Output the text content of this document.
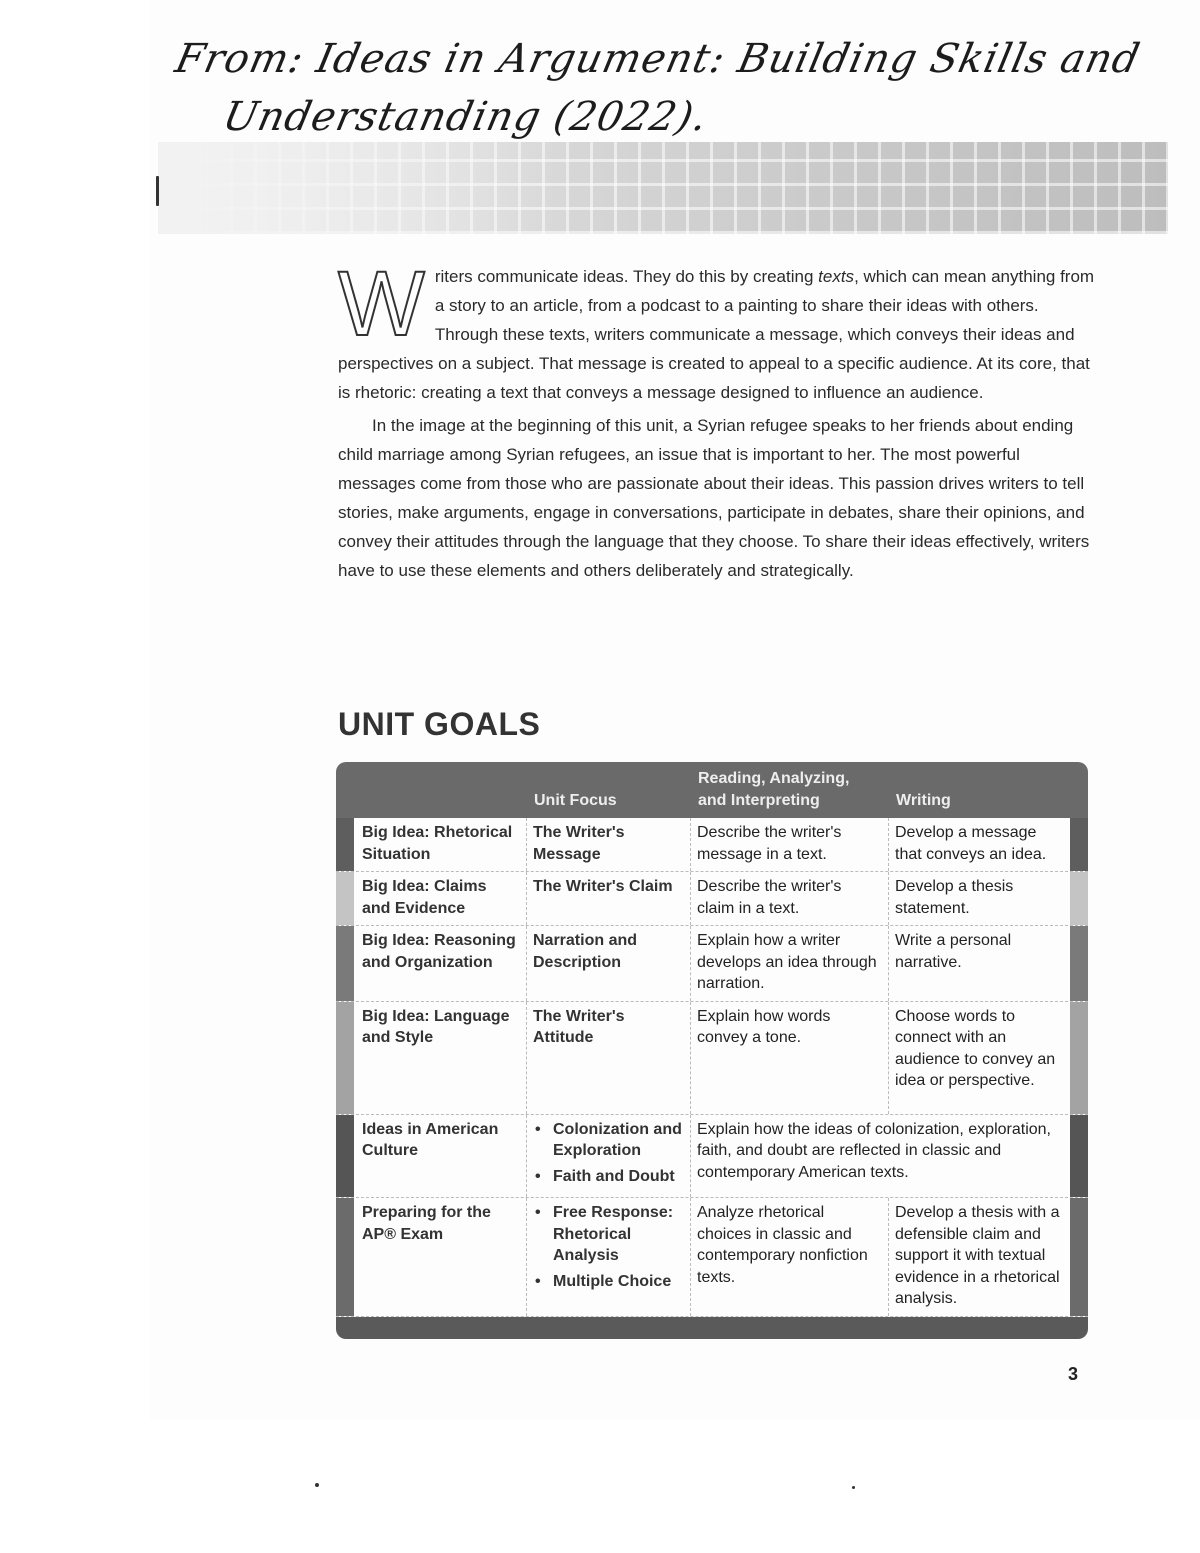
From: Ideas in Argument: Building Skills and
Understanding (2022).

Writers communicate ideas. They do this by creating texts, which can mean anything from a story to an article, from a podcast to a painting to share their ideas with others. Through these texts, writers communicate a message, which conveys their ideas and perspectives on a subject. That message is created to appeal to a specific audience. At its core, that is rhetoric: creating a text that conveys a message designed to influence an audience.

In the image at the beginning of this unit, a Syrian refugee speaks to her friends about ending child marriage among Syrian refugees, an issue that is important to her. The most powerful messages come from those who are passionate about their ideas. This passion drives writers to tell stories, make arguments, engage in conversations, participate in debates, share their opinions, and convey their attitudes through the language that they choose. To share their ideas effectively, writers have to use these elements and others deliberately and strategically.

UNIT GOALS
Unit Focus
Reading, Analyzing,
and Interpreting	Writing
Big Idea: Rhetorical Situation
The Writer's Message
Describe the writer's message in a text.
Develop a message that conveys an idea.
Big Idea: Claims and Evidence
The Writer's Claim	Describe the writer's claim in a text.
Develop a thesis statement.
Big Idea: Reasoning and Organization
Narration and Description
Explain how a writer develops an idea through narration.
Write a personal narrative.
Big Idea: Language and Style
The Writer's Attitude
Explain how words convey a tone.
Choose words to connect with an audience to convey an idea or perspective.
Ideas in American Culture
• Colonization and Exploration
• Faith and Doubt
Explain how the ideas of colonization, exploration, faith, and doubt are reflected in classic and contemporary American texts.
Preparing for the AP® Exam
• Free Response: Rhetorical Analysis
• Multiple Choice
Analyze rhetorical choices in classic and contemporary nonfiction texts.
Develop a thesis with a defensible claim and support it with textual evidence in a rhetorical analysis.
3
